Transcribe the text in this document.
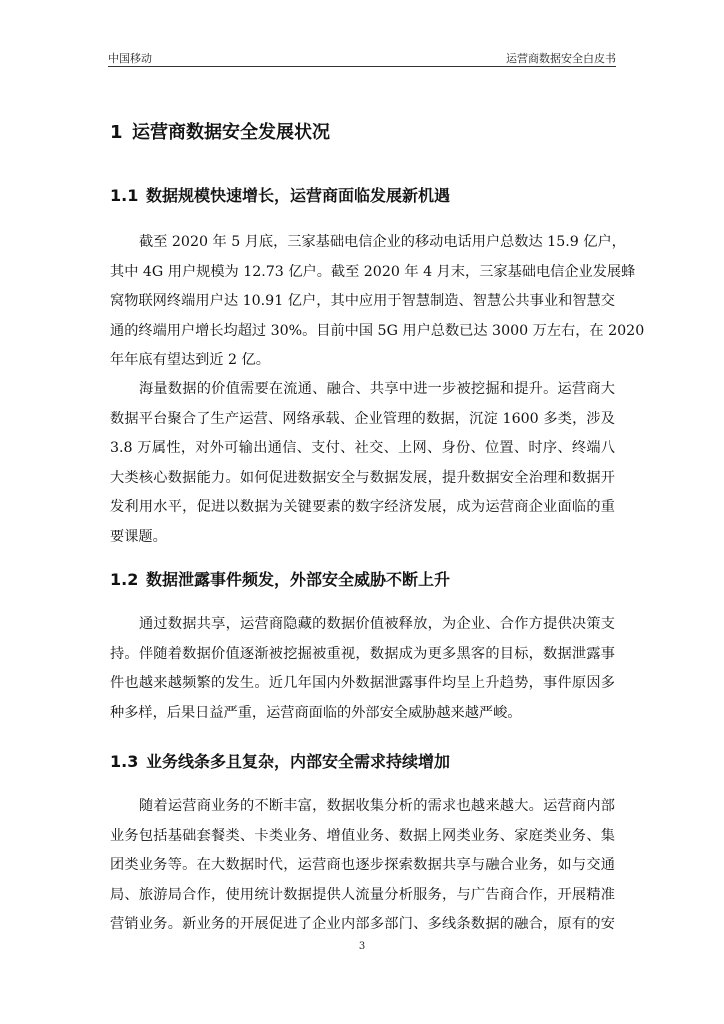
中国移动	运营商数据安全白皮书
1 运营商数据安全发展状况
1.1 数据规模快速增长，运营商面临发展新机遇

截至 2020 年 5 月底，三家基础电信企业的移动电话用户总数达 15.9 亿户，
其中 4G 用户规模为 12.73 亿户。截至 2020 年 4 月末，三家基础电信企业发展蜂
窝物联网终端用户达 10.91 亿户，其中应用于智慧制造、智慧公共事业和智慧交
通的终端用户增长均超过 30%。目前中国 5G 用户总数已达 3000 万左右，在 2020
年年底有望达到近 2 亿。

海量数据的价值需要在流通、融合、共享中进一步被挖掘和提升。运营商大
数据平台聚合了生产运营、网络承载、企业管理的数据，沉淀 1600 多类，涉及
3.8 万属性，对外可输出通信、支付、社交、上网、身份、位置、时序、终端八
大类核心数据能力。如何促进数据安全与数据发展，提升数据安全治理和数据开
发利用水平，促进以数据为关键要素的数字经济发展，成为运营商企业面临的重
要课题。

1.2 数据泄露事件频发，外部安全威胁不断上升

通过数据共享，运营商隐藏的数据价值被释放，为企业、合作方提供决策支
持。伴随着数据价值逐渐被挖掘被重视，数据成为更多黑客的目标，数据泄露事
件也越来越频繁的发生。近几年国内外数据泄露事件均呈上升趋势，事件原因多
种多样，后果日益严重，运营商面临的外部安全威胁越来越严峻。

1.3 业务线条多且复杂，内部安全需求持续增加

随着运营商业务的不断丰富，数据收集分析的需求也越来越大。运营商内部
业务包括基础套餐类、卡类业务、增值业务、数据上网类业务、家庭类业务、集
团类业务等。在大数据时代，运营商也逐步探索数据共享与融合业务，如与交通
局、旅游局合作，使用统计数据提供人流量分析服务，与广告商合作，开展精准
营销业务。新业务的开展促进了企业内部多部门、多线条数据的融合，原有的安

3
